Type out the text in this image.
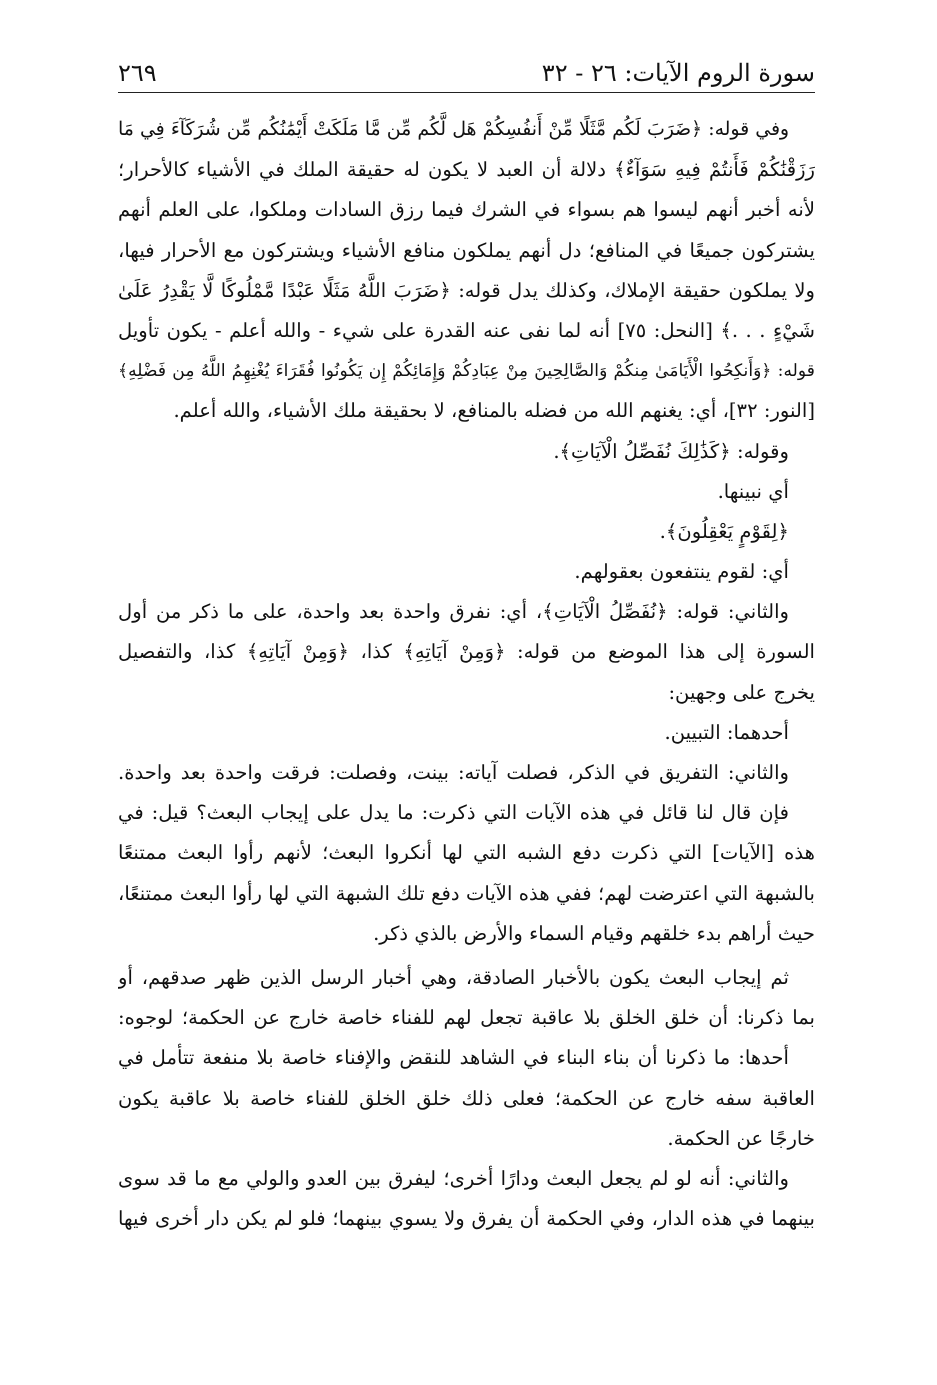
سورة الروم الآيات: ٢٦ - ٣٢
٢٦٩
وفي قوله: ﴿ضَرَبَ لَكُم مَّثَلًا مِّنْ أَنفُسِكُمْ هَل لَّكُم مِّن مَّا مَلَكَتْ أَيْمَٰنُكُم مِّن شُرَكَآءَ فِي مَا
رَزَقْنَٰكُمْ فَأَنتُمْ فِيهِ سَوَآءٌ﴾ دلالة أن العبد لا يكون له حقيقة الملك في الأشياء كالأحرار؛
لأنه أخبر أنهم ليسوا هم بسواء في الشرك فيما رزق السادات وملكوا، على العلم أنهم
يشتركون جميعًا في المنافع؛ دل أنهم يملكون منافع الأشياء ويشتركون مع الأحرار فيها،
ولا يملكون حقيقة الإملاك، وكذلك يدل قوله: ﴿ضَرَبَ اللَّهُ مَثَلًا عَبْدًا مَّمْلُوكًا لَّا يَقْدِرُ عَلَىٰ
شَيْءٍ . . .﴾ [النحل: ٧٥] أنه لما نفى عنه القدرة على شيء - والله أعلم - يكون تأويل
قوله: ﴿وَأَنكِحُوا الْأَيَامَىٰ مِنكُمْ وَالصَّالِحِينَ مِنْ عِبَادِكُمْ وَإِمَائِكُمْ إِن يَكُونُوا فُقَرَاءَ يُغْنِهِمُ اللَّهُ مِن فَضْلِهِ﴾
[النور: ٣٢]، أي: يغنهم الله من فضله بالمنافع، لا بحقيقة ملك الأشياء، والله أعلم.
وقوله: ﴿كَذَٰلِكَ نُفَصِّلُ الْآيَاتِ﴾.
أي نبينها.
﴿لِقَوْمٍ يَعْقِلُونَ﴾.
أي: لقوم ينتفعون بعقولهم.
والثاني: قوله: ﴿نُفَصِّلُ الْآيَاتِ﴾، أي: نفرق واحدة بعد واحدة، على ما ذكر من أول
السورة إلى هذا الموضع من قوله: ﴿وَمِنْ آيَاتِهِ﴾ كذا، ﴿وَمِنْ آيَاتِهِ﴾ كذا، والتفصيل
يخرج على وجهين:
أحدهما: التبيين.
والثاني: التفريق في الذكر، فصلت آياته: بينت، وفصلت: فرقت واحدة بعد واحدة.
فإن قال لنا قائل في هذه الآيات التي ذكرت: ما يدل على إيجاب البعث؟ قيل: في
هذه [الآيات] التي ذكرت دفع الشبه التي لها أنكروا البعث؛ لأنهم رأوا البعث ممتنعًا
بالشبهة التي اعترضت لهم؛ ففي هذه الآيات دفع تلك الشبهة التي لها رأوا البعث ممتنعًا،
حيث أراهم بدء خلقهم وقيام السماء والأرض بالذي ذكر.
ثم إيجاب البعث يكون بالأخبار الصادقة، وهي أخبار الرسل الذين ظهر صدقهم، أو
بما ذكرنا: أن خلق الخلق بلا عاقبة تجعل لهم للفناء خاصة خارج عن الحكمة؛ لوجوه:
أحدها: ما ذكرنا أن بناء البناء في الشاهد للنقض والإفناء خاصة بلا منفعة تتأمل في
العاقبة سفه خارج عن الحكمة؛ فعلى ذلك خلق الخلق للفناء خاصة بلا عاقبة يكون
خارجًا عن الحكمة.
والثاني: أنه لو لم يجعل البعث ودارًا أخرى؛ ليفرق بين العدو والولي مع ما قد سوى
بينهما في هذه الدار، وفي الحكمة أن يفرق ولا يسوي بينهما؛ فلو لم يكن دار أخرى فيها
